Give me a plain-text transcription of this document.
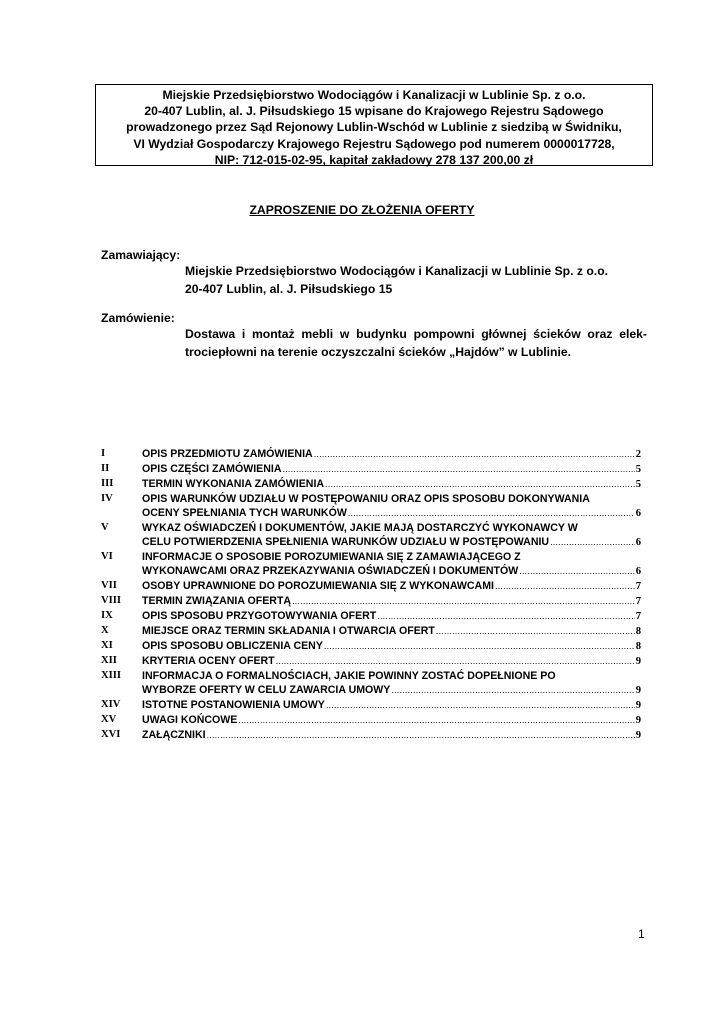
Miejskie Przedsiębiorstwo Wodociągów i Kanalizacji w Lublinie Sp. z o.o.
20-407 Lublin, al. J. Piłsudskiego 15 wpisane do Krajowego Rejestru Sądowego
prowadzonego przez Sąd Rejonowy Lublin-Wschód w Lublinie z siedzibą w Świdniku,
VI Wydział Gospodarczy Krajowego Rejestru Sądowego pod numerem 0000017728,
NIP: 712-015-02-95, kapitał zakładowy 278 137 200,00 zł
ZAPROSZENIE DO ZŁOŻENIA OFERTY
Zamawiający:
Miejskie Przedsiębiorstwo Wodociągów i Kanalizacji w Lublinie Sp. z o.o.
20-407 Lublin, al. J. Piłsudskiego 15
Zamówienie:
Dostawa i montaż mebli w budynku pompowni głównej ścieków oraz elek-
trociepłowni na terenie oczyszczalni ścieków „Hajdów” w Lublinie.
I	OPIS PRZEDMIOTU ZAMÓWIENIA .....	2
II	OPIS CZĘŚCI ZAMÓWIENIA .....	5
III	TERMIN WYKONANIA ZAMÓWIENIA .....	5
IV	OPIS WARUNKÓW UDZIAŁU W POSTĘPOWANIU ORAZ OPIS SPOSOBU DOKONYWANIA
OCENY SPEŁNIANIA TYCH WARUNKÓW .....	6
V	WYKAZ OŚWIADCZEŃ I DOKUMENTÓW, JAKIE MAJĄ DOSTARCZYĆ WYKONAWCY W
CELU POTWIERDZENIA SPEŁNIENIA WARUNKÓW UDZIAŁU W POSTĘPOWANIU .....	6
VI	INFORMACJE O SPOSOBIE POROZUMIEWANIA SIĘ Z ZAMAWIAJĄCEGO Z
WYKONAWCAMI ORAZ PRZEKAZYWANIA OŚWIADCZEŃ I DOKUMENTÓW .....	6
VII	OSOBY UPRAWNIONE DO POROZUMIEWANIA SIĘ Z WYKONAWCAMI .....	7
VIII	TERMIN ZWIĄZANIA OFERTĄ .....	7
IX	OPIS SPOSOBU PRZYGOTOWYWANIA OFERT .....	7
X	MIEJSCE ORAZ TERMIN SKŁADANIA I OTWARCIA OFERT .....	8
XI	OPIS SPOSOBU OBLICZENIA CENY .....	8
XII	KRYTERIA OCENY OFERT .....	9
XIII	INFORMACJA O FORMALNOŚCIACH, JAKIE POWINNY ZOSTAĆ DOPEŁNIONE PO
WYBORZE OFERTY W CELU ZAWARCIA UMOWY .....	9
XIV	ISTOTNE POSTANOWIENIA UMOWY .....	9
XV	UWAGI KOŃCOWE .....	9
XVI	ZAŁĄCZNIKI .....	9
1
